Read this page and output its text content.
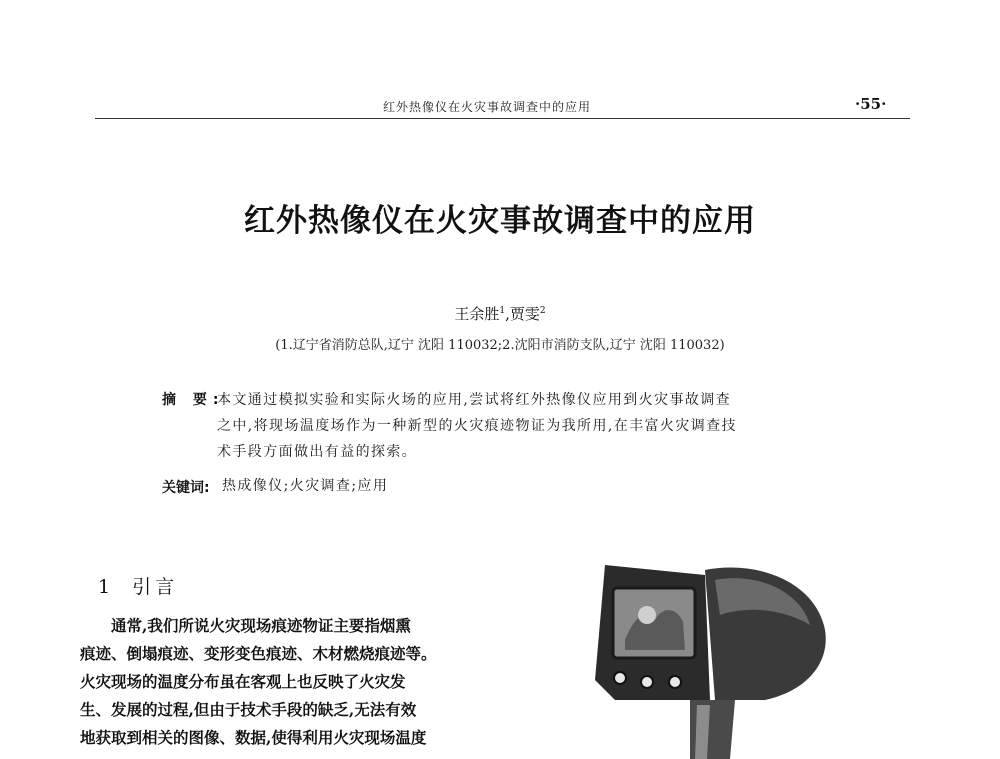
红外热像仪在火灾事故调查中的应用	·55·
红外热像仪在火灾事故调查中的应用
王余胜$^1$,贾雯$^2$
(1.辽宁省消防总队,辽宁 沈阳 110032;2.沈阳市消防支队,辽宁 沈阳 110032)
摘 要:
本文通过模拟实验和实际火场的应用,尝试将红外热像仪应用到火灾事故调查
之中,将现场温度场作为一种新型的火灾痕迹物证为我所用,在丰富火灾调查技
术手段方面做出有益的探索。
关键词: 热成像仪;火灾调查;应用
1 引言

通常,我们所说火灾现场痕迹物证主要指烟熏

痕迹、倒塌痕迹、变形变色痕迹、木材燃烧痕迹等。
火灾现场的温度分布虽在客观上也反映了火灾发
生、发展的过程,但由于技术手段的缺乏,无法有效
地获取到相关的图像、数据,使得利用火灾现场温度
